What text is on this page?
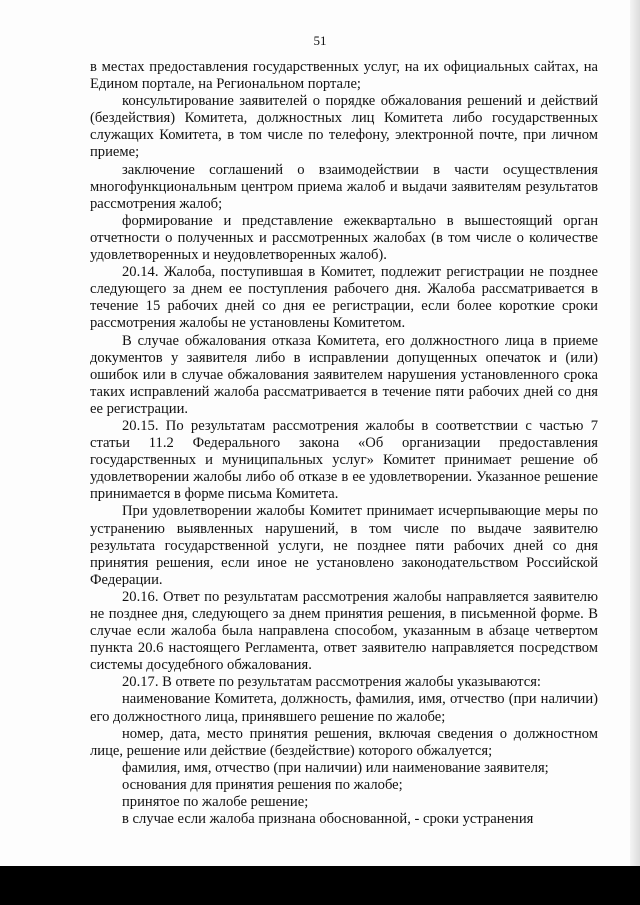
51

в местах предоставления государственных услуг, на их официальных сайтах, на Едином портале, на Региональном портале;

консультирование заявителей о порядке обжалования решений и действий (бездействия) Комитета, должностных лиц Комитета либо государственных служащих Комитета, в том числе по телефону, электронной почте, при личном приеме;

заключение соглашений о взаимодействии в части осуществления многофункциональным центром приема жалоб и выдачи заявителям результатов рассмотрения жалоб;

формирование и представление ежеквартально в вышестоящий орган отчетности о полученных и рассмотренных жалобах (в том числе о количестве удовлетворенных и неудовлетворенных жалоб).

20.14. Жалоба, поступившая в Комитет, подлежит регистрации не позднее следующего за днем ее поступления рабочего дня. Жалоба рассматривается в течение 15 рабочих дней со дня ее регистрации, если более короткие сроки рассмотрения жалобы не установлены Комитетом.

В случае обжалования отказа Комитета, его должностного лица в приеме документов у заявителя либо в исправлении допущенных опечаток и (или) ошибок или в случае обжалования заявителем нарушения установленного срока таких исправлений жалоба рассматривается в течение пяти рабочих дней со дня ее регистрации.

20.15. По результатам рассмотрения жалобы в соответствии с частью 7 статьи 11.2 Федерального закона «Об организации предоставления государственных и муниципальных услуг» Комитет принимает решение об удовлетворении жалобы либо об отказе в ее удовлетворении. Указанное решение принимается в форме письма Комитета.

При удовлетворении жалобы Комитет принимает исчерпывающие меры по устранению выявленных нарушений, в том числе по выдаче заявителю результата государственной услуги, не позднее пяти рабочих дней со дня принятия решения, если иное не установлено законодательством Российской Федерации.

20.16. Ответ по результатам рассмотрения жалобы направляется заявителю не позднее дня, следующего за днем принятия решения, в письменной форме. В случае если жалоба была направлена способом, указанным в абзаце четвертом пункта 20.6 настоящего Регламента, ответ заявителю направляется посредством системы досудебного обжалования.

20.17. В ответе по результатам рассмотрения жалобы указываются:

наименование Комитета, должность, фамилия, имя, отчество (при наличии) его должностного лица, принявшего решение по жалобе;

номер, дата, место принятия решения, включая сведения о должностном лице, решение или действие (бездействие) которого обжалуется;

фамилия, имя, отчество (при наличии) или наименование заявителя;

основания для принятия решения по жалобе;

принятое по жалобе решение;

в случае если жалоба признана обоснованной, - сроки устранения
